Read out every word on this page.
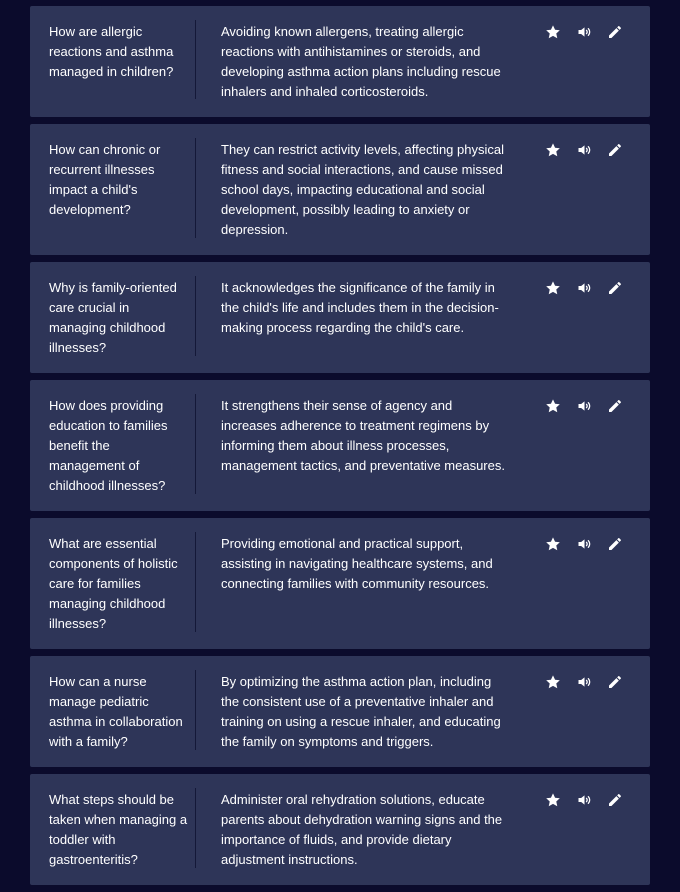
How are allergic reactions and asthma managed in children?
Avoiding known allergens, treating allergic reactions with antihistamines or steroids, and developing asthma action plans including rescue inhalers and inhaled corticosteroids.
How can chronic or recurrent illnesses impact a child's development?
They can restrict activity levels, affecting physical fitness and social interactions, and cause missed school days, impacting educational and social development, possibly leading to anxiety or depression.
Why is family-oriented care crucial in managing childhood illnesses?
It acknowledges the significance of the family in the child's life and includes them in the decision-making process regarding the child's care.
How does providing education to families benefit the management of childhood illnesses?
It strengthens their sense of agency and increases adherence to treatment regimens by informing them about illness processes, management tactics, and preventative measures.
What are essential components of holistic care for families managing childhood illnesses?
Providing emotional and practical support, assisting in navigating healthcare systems, and connecting families with community resources.
How can a nurse manage pediatric asthma in collaboration with a family?
By optimizing the asthma action plan, including the consistent use of a preventative inhaler and training on using a rescue inhaler, and educating the family on symptoms and triggers.
What steps should be taken when managing a toddler with gastroenteritis?
Administer oral rehydration solutions, educate parents about dehydration warning signs and the importance of fluids, and provide dietary adjustment instructions.
